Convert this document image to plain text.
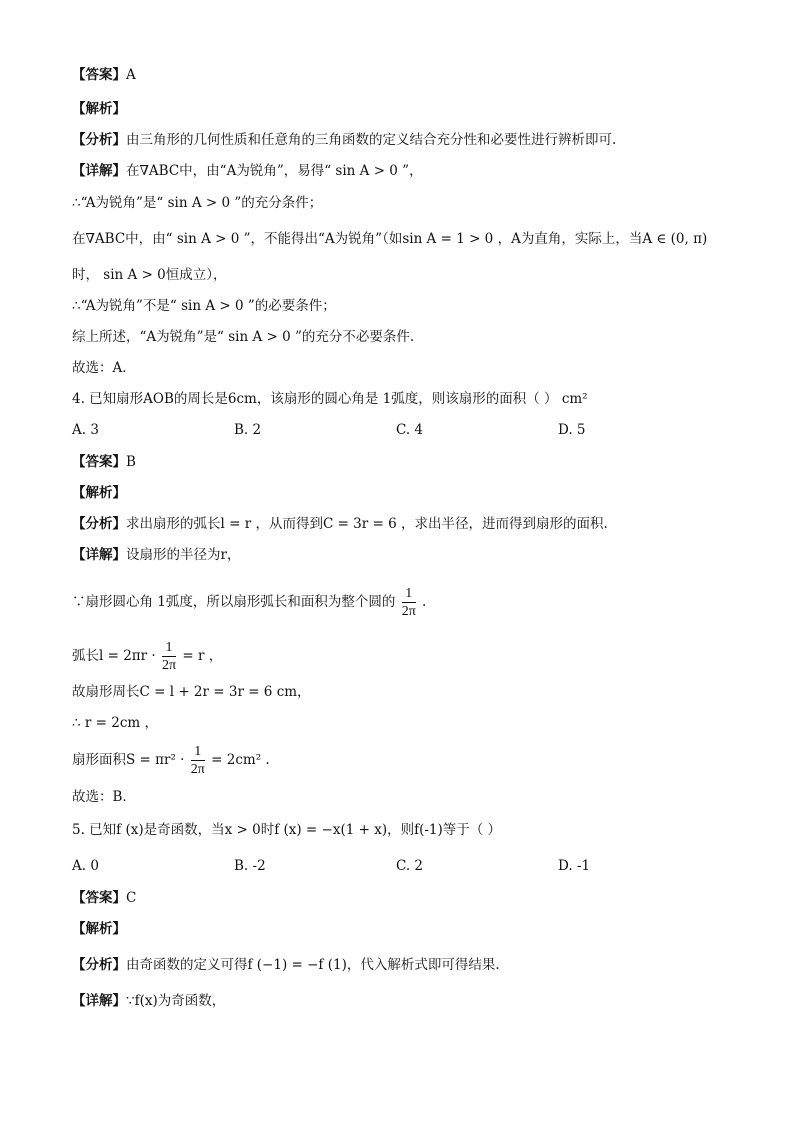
【答案】A
【解析】
【分析】由三角形的几何性质和任意角的三角函数的定义结合充分性和必要性进行辨析即可.
【详解】在∇ABC中，由“A为锐角”，易得“ sin A > 0 ”，
∴“A为锐角”是“ sin A > 0 ”的充分条件；
在∇ABC中，由“ sin A > 0 ”，不能得出“A为锐角”（如sin A = 1 > 0 ，A为直角，实际上，当A ∈ (0, π)
时， sin A > 0恒成立），
∴“A为锐角”不是“ sin A > 0 ”的必要条件；
综上所述，“A为锐角”是“ sin A > 0 ”的充分不必要条件.
故选：A．
4. 已知扇形AOB的周长是6cm，该扇形的圆心角是 1弧度，则该扇形的面积（ ） cm²
A. 3	B. 2	C. 4	D. 5
【答案】B
【解析】
【分析】求出扇形的弧长l = r ，从而得到C = 3r = 6 ，求出半径，进而得到扇形的面积.
【详解】设扇形的半径为r，
∵扇形圆心角 1弧度，所以扇形弧长和面积为整个圆的 $\frac{1}{2\pi}$ .
弧长$l = 2\pi r \cdot \frac{1}{2\pi} = r$ ，
故扇形周长C = l + 2r = 3r = 6 cm，
∴ r = 2cm ，
扇形面积$S = \pi r^2 \cdot \frac{1}{2\pi} = 2cm^2$ .
故选：B．
5. 已知f (x)是奇函数，当x > 0时f (x) = −x(1 + x)，则f(-1)等于（ ）
A. 0	B. -2	C. 2	D. -1
【答案】C
【解析】
【分析】由奇函数的定义可得f (−1) = −f (1)，代入解析式即可得结果.
【详解】∵f(x)为奇函数，
